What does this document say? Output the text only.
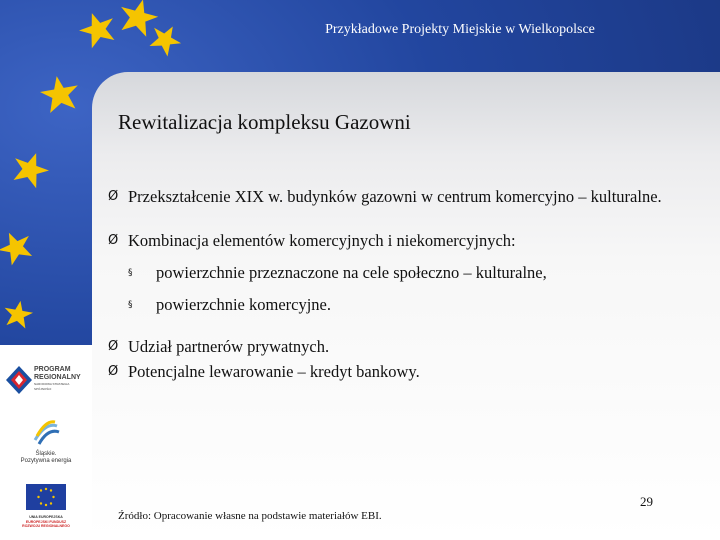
Przykładowe Projekty Miejskie w Wielkopolsce
Rewitalizacja kompleksu Gazowni
Ø Przekształcenie XIX w. budynków gazowni w centrum komercyjno – kulturalne.
Ø Kombinacja elementów komercyjnych i niekomercyjnych:
§ powierzchnie przeznaczone na cele społeczno – kulturalne,
§ powierzchnie komercyjne.
Ø Udział partnerów prywatnych.
Ø Potencjalne lewarowanie – kredyt bankowy.
Źródło: Opracowanie własne na podstawie materiałów EBI.
29
PROGRAM
REGIONALNY
NARODOWA STRATEGIA SPÓJNOŚCI
Śląskie.
Pozytywna energia
UNIA EUROPEJSKA
EUROPEJSKI FUNDUSZ
ROZWOJU REGIONALNEGO
